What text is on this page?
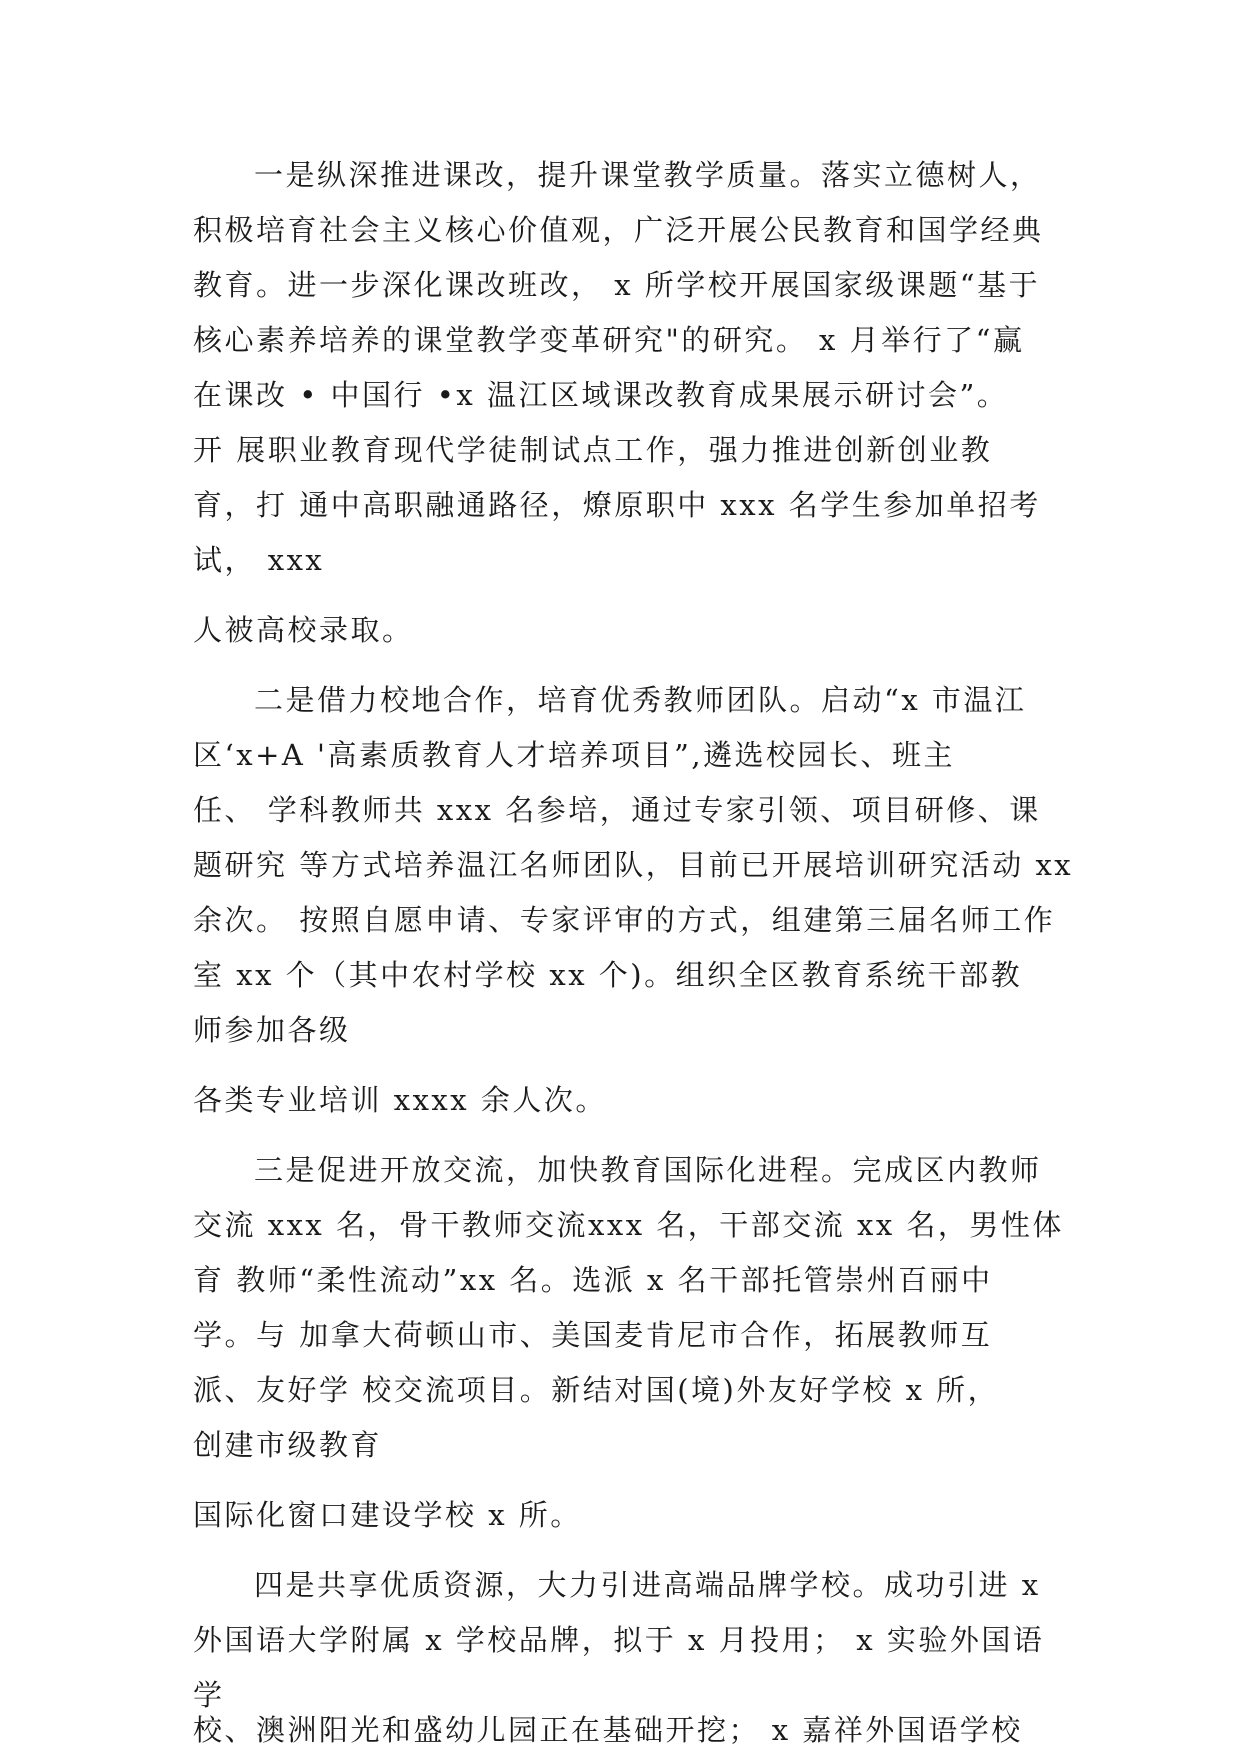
一是纵深推进课改，提升课堂教学质量。落实立德树人，
积极培育社会主义核心价值观，广泛开展公民教育和国学经典
教育。进一步深化课改班改， x 所学校开展国家级课题“基于
核心素养培养的课堂教学变革研究"的研究。 x 月举行了“赢
在课改 • 中国行 •x 温江区域课改教育成果展示研讨会”。
开 展职业教育现代学徒制试点工作，强力推进创新创业教
育，打 通中高职融通路径，燎原职中 xxx 名学生参加单招考
试， xxx
人被高校录取。
二是借力校地合作，培育优秀教师团队。启动“x 市温江
区‘x+A '高素质教育人才培养项目”,遴选校园长、班主
任、 学科教师共 xxx 名参培，通过专家引领、项目研修、课
题研究 等方式培养温江名师团队，目前已开展培训研究活动 xx
余次。 按照自愿申请、专家评审的方式，组建第三届名师工作
室 xx 个（其中农村学校 xx 个)。组织全区教育系统干部教
师参加各级
各类专业培训 xxxx 余人次。
三是促进开放交流，加快教育国际化进程。完成区内教师
交流 xxx 名，骨干教师交流xxx 名，干部交流 xx 名，男性体
育 教师“柔性流动”xx 名。选派 x 名干部托管崇州百丽中
学。与 加拿大荷顿山市、美国麦肯尼市合作，拓展教师互
派、友好学 校交流项目。新结对国(境)外友好学校 x 所，
创建市级教育
国际化窗口建设学校 x 所。
四是共享优质资源，大力引进高端品牌学校。成功引进 x
外国语大学附属 x 学校品牌，拟于 x 月投用； x 实验外国语
学
校、澳洲阳光和盛幼儿园正在基础开挖； x 嘉祥外国语学校
